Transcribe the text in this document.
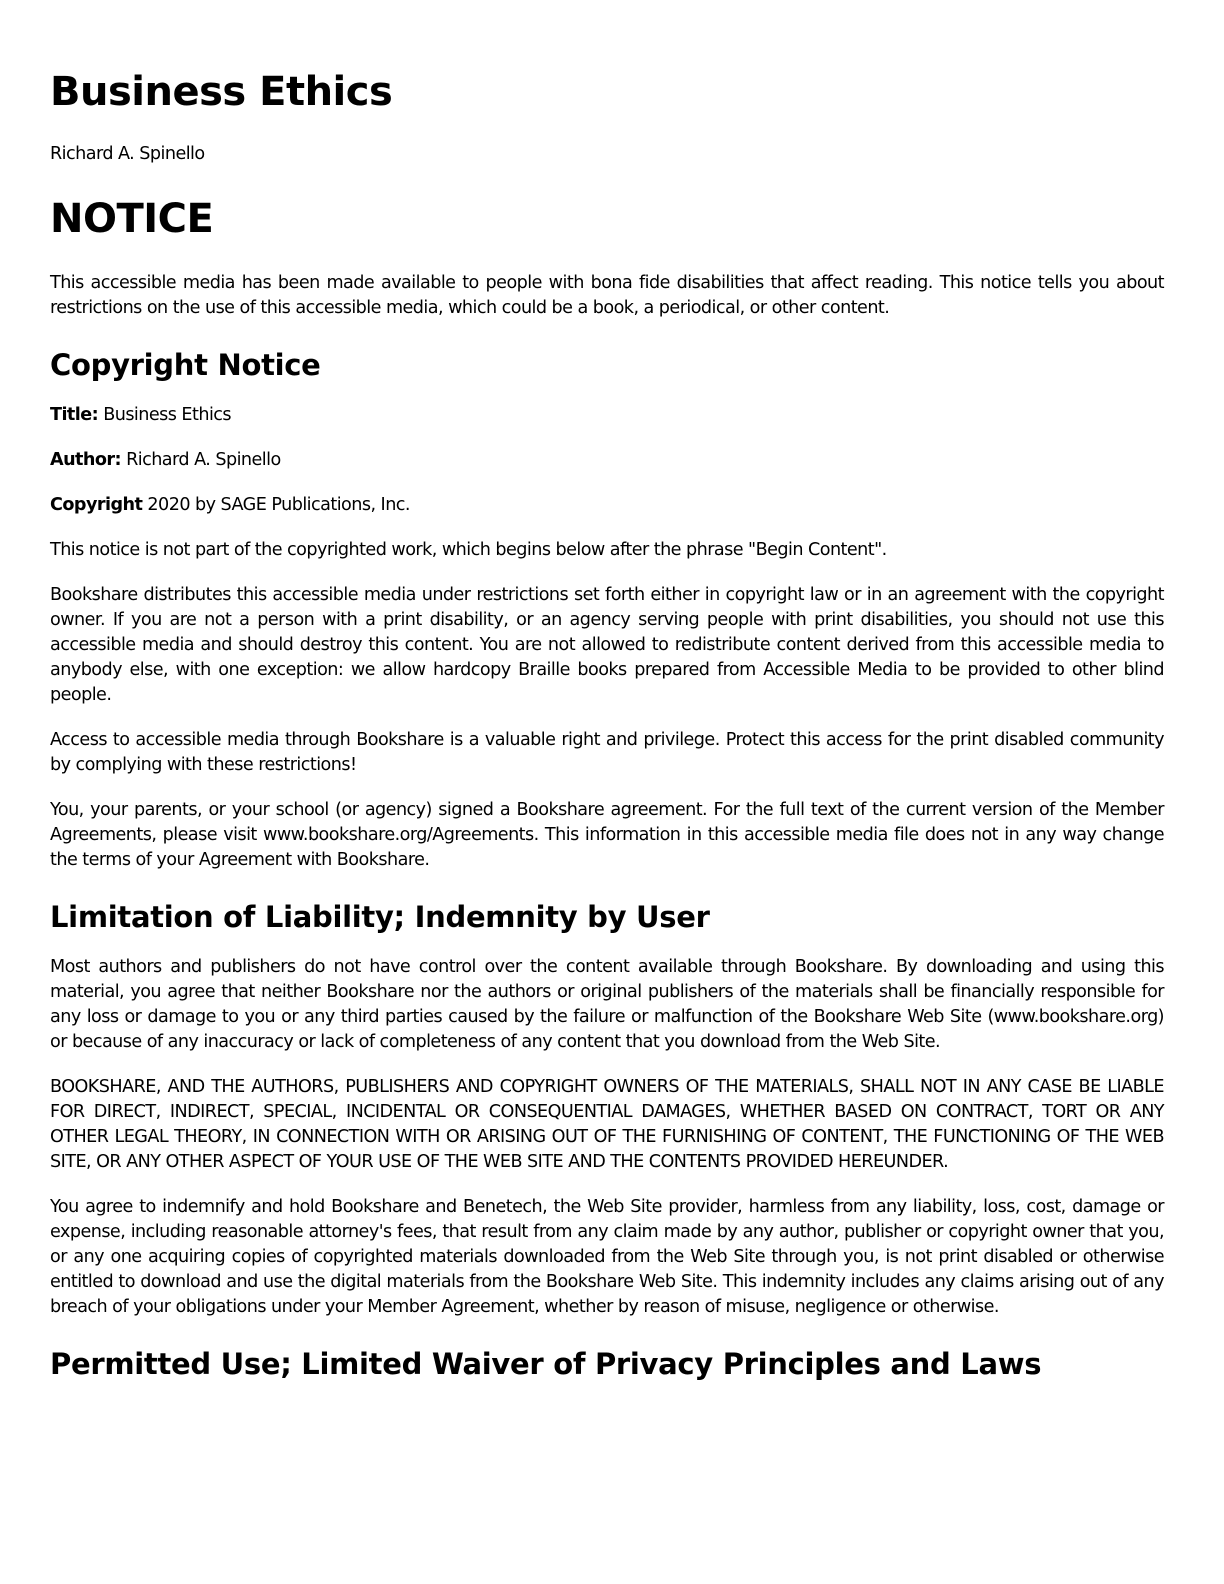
Business Ethics

Richard A. Spinello

NOTICE

This accessible media has been made available to people with bona fide disabilities that affect reading. This notice tells you about restrictions on the use of this accessible media, which could be a book, a periodical, or other content.

Copyright Notice

Title: Business Ethics

Author: Richard A. Spinello

Copyright 2020 by SAGE Publications, Inc.

This notice is not part of the copyrighted work, which begins below after the phrase "Begin Content".

Bookshare distributes this accessible media under restrictions set forth either in copyright law or in an agreement with the copyright owner. If you are not a person with a print disability, or an agency serving people with print disabilities, you should not use this accessible media and should destroy this content. You are not allowed to redistribute content derived from this accessible media to anybody else, with one exception: we allow hardcopy Braille books prepared from Accessible Media to be provided to other blind people.

Access to accessible media through Bookshare is a valuable right and privilege. Protect this access for the print disabled community by complying with these restrictions!

You, your parents, or your school (or agency) signed a Bookshare agreement. For the full text of the current version of the Member Agreements, please visit www.bookshare.org/Agreements. This information in this accessible media file does not in any way change the terms of your Agreement with Bookshare.

Limitation of Liability; Indemnity by User

Most authors and publishers do not have control over the content available through Bookshare. By downloading and using this material, you agree that neither Bookshare nor the authors or original publishers of the materials shall be financially responsible for any loss or damage to you or any third parties caused by the failure or malfunction of the Bookshare Web Site (www.bookshare.org) or because of any inaccuracy or lack of completeness of any content that you download from the Web Site.

BOOKSHARE, AND THE AUTHORS, PUBLISHERS AND COPYRIGHT OWNERS OF THE MATERIALS, SHALL NOT IN ANY CASE BE LIABLE FOR DIRECT, INDIRECT, SPECIAL, INCIDENTAL OR CONSEQUENTIAL DAMAGES, WHETHER BASED ON CONTRACT, TORT OR ANY OTHER LEGAL THEORY, IN CONNECTION WITH OR ARISING OUT OF THE FURNISHING OF CONTENT, THE FUNCTIONING OF THE WEB SITE, OR ANY OTHER ASPECT OF YOUR USE OF THE WEB SITE AND THE CONTENTS PROVIDED HEREUNDER.

You agree to indemnify and hold Bookshare and Benetech, the Web Site provider, harmless from any liability, loss, cost, damage or expense, including reasonable attorney's fees, that result from any claim made by any author, publisher or copyright owner that you, or any one acquiring copies of copyrighted materials downloaded from the Web Site through you, is not print disabled or otherwise entitled to download and use the digital materials from the Bookshare Web Site. This indemnity includes any claims arising out of any breach of your obligations under your Member Agreement, whether by reason of misuse, negligence or otherwise.

Permitted Use; Limited Waiver of Privacy Principles and Laws
